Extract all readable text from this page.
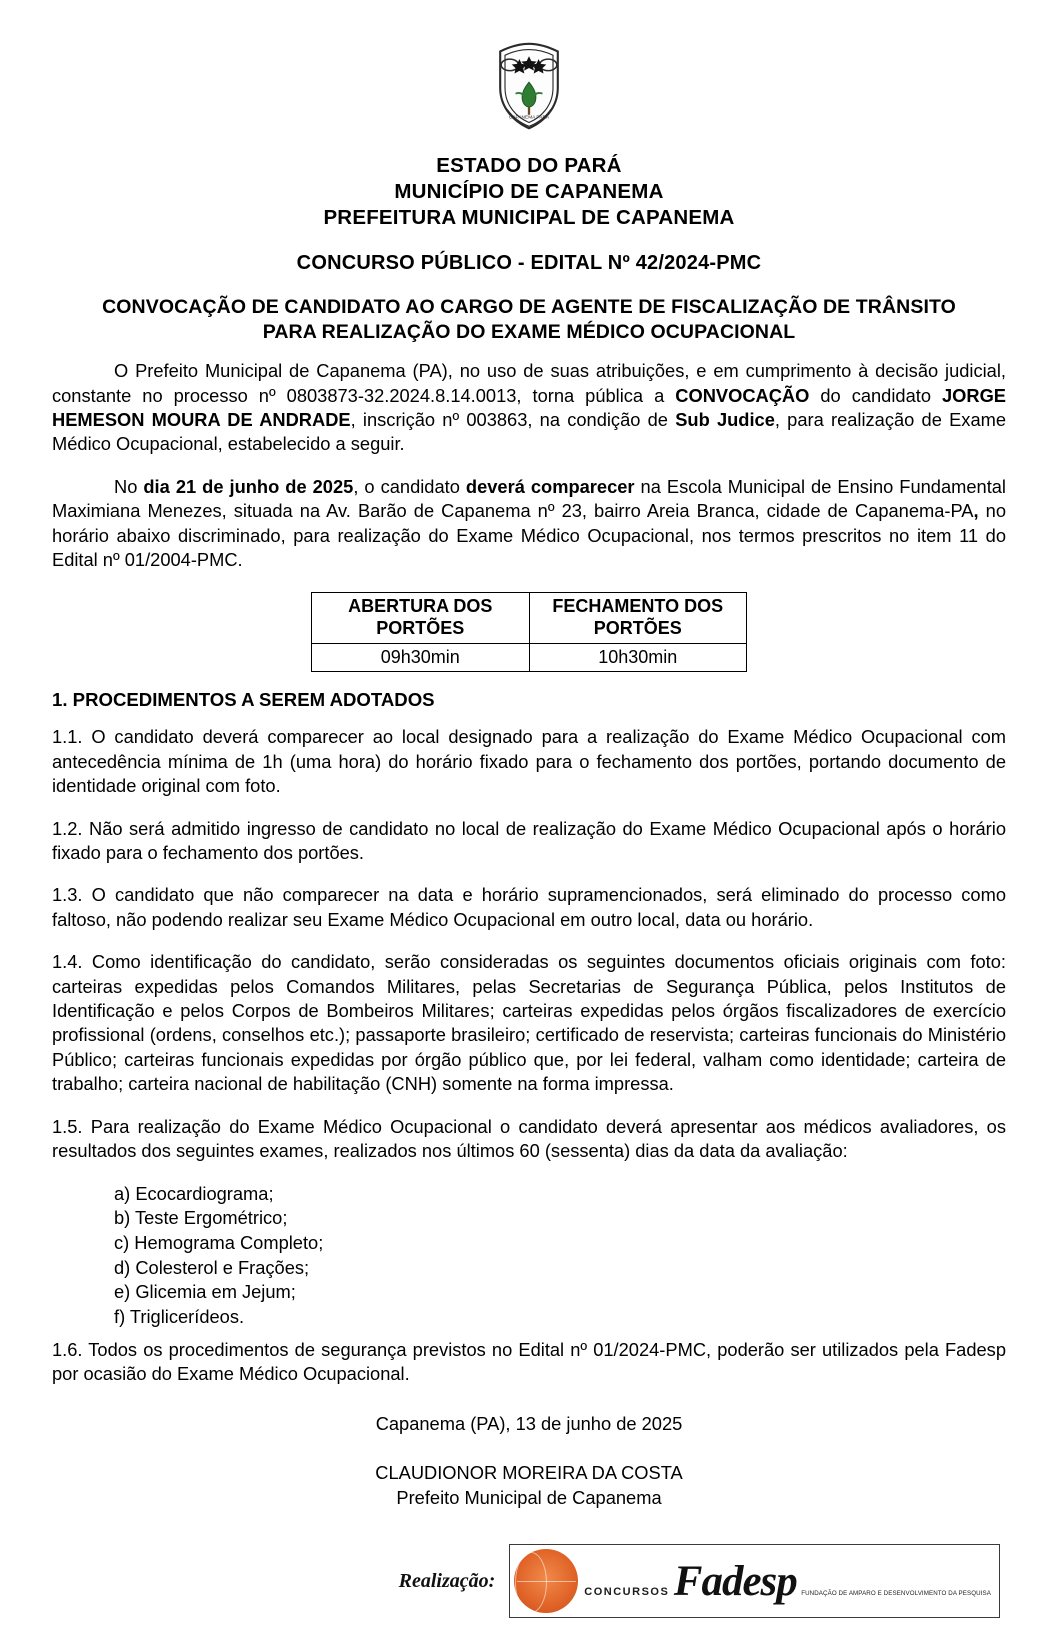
CAPANEMA PARÁ
ESTADO DO PARÁ
MUNICÍPIO DE CAPANEMA
PREFEITURA MUNICIPAL DE CAPANEMA
CONCURSO PÚBLICO - EDITAL Nº 42/2024-PMC
CONVOCAÇÃO DE CANDIDATO AO CARGO DE AGENTE DE FISCALIZAÇÃO DE TRÂNSITO
PARA REALIZAÇÃO DO EXAME MÉDICO OCUPACIONAL

O Prefeito Municipal de Capanema (PA), no uso de suas atribuições, e em cumprimento à decisão judicial, constante no processo nº 0803873-32.2024.8.14.0013, torna pública a CONVOCAÇÃO do candidato JORGE HEMESON MOURA DE ANDRADE, inscrição nº 003863, na condição de Sub Judice, para realização de Exame Médico Ocupacional, estabelecido a seguir.

No dia 21 de junho de 2025, o candidato deverá comparecer na Escola Municipal de Ensino Fundamental Maximiana Menezes, situada na Av. Barão de Capanema nº 23, bairro Areia Branca, cidade de Capanema-PA, no horário abaixo discriminado, para realização do Exame Médico Ocupacional, nos termos prescritos no item 11 do Edital nº 01/2004-PMC.

ABERTURA DOS PORTÕES	FECHAMENTO DOS PORTÕES
09h30min	10h30min
1. PROCEDIMENTOS A SEREM ADOTADOS

1.1. O candidato deverá comparecer ao local designado para a realização do Exame Médico Ocupacional com antecedência mínima de 1h (uma hora) do horário fixado para o fechamento dos portões, portando documento de identidade original com foto.

1.2. Não será admitido ingresso de candidato no local de realização do Exame Médico Ocupacional após o horário fixado para o fechamento dos portões.

1.3. O candidato que não comparecer na data e horário supramencionados, será eliminado do processo como faltoso, não podendo realizar seu Exame Médico Ocupacional em outro local, data ou horário.

1.4. Como identificação do candidato, serão consideradas os seguintes documentos oficiais originais com foto: carteiras expedidas pelos Comandos Militares, pelas Secretarias de Segurança Pública, pelos Institutos de Identificação e pelos Corpos de Bombeiros Militares; carteiras expedidas pelos órgãos fiscalizadores de exercício profissional (ordens, conselhos etc.); passaporte brasileiro; certificado de reservista; carteiras funcionais do Ministério Público; carteiras funcionais expedidas por órgão público que, por lei federal, valham como identidade; carteira de trabalho; carteira nacional de habilitação (CNH) somente na forma impressa.

1.5. Para realização do Exame Médico Ocupacional o candidato deverá apresentar aos médicos avaliadores, os resultados dos seguintes exames, realizados nos últimos 60 (sessenta) dias da data da avaliação:

a) Ecocardiograma;
b) Teste Ergométrico;
c) Hemograma Completo;
d) Colesterol e Frações;
e) Glicemia em Jejum;
f) Triglicerídeos.

1.6. Todos os procedimentos de segurança previstos no Edital nº 01/2024-PMC, poderão ser utilizados pela Fadesp por ocasião do Exame Médico Ocupacional.

Capanema (PA), 13 de junho de 2025
CLAUDIONOR MOREIRA DA COSTA
Prefeito Municipal de Capanema
Realização:	CONCURSOS Fadesp FUNDAÇÃO DE AMPARO E DESENVOLVIMENTO DA PESQUISA
